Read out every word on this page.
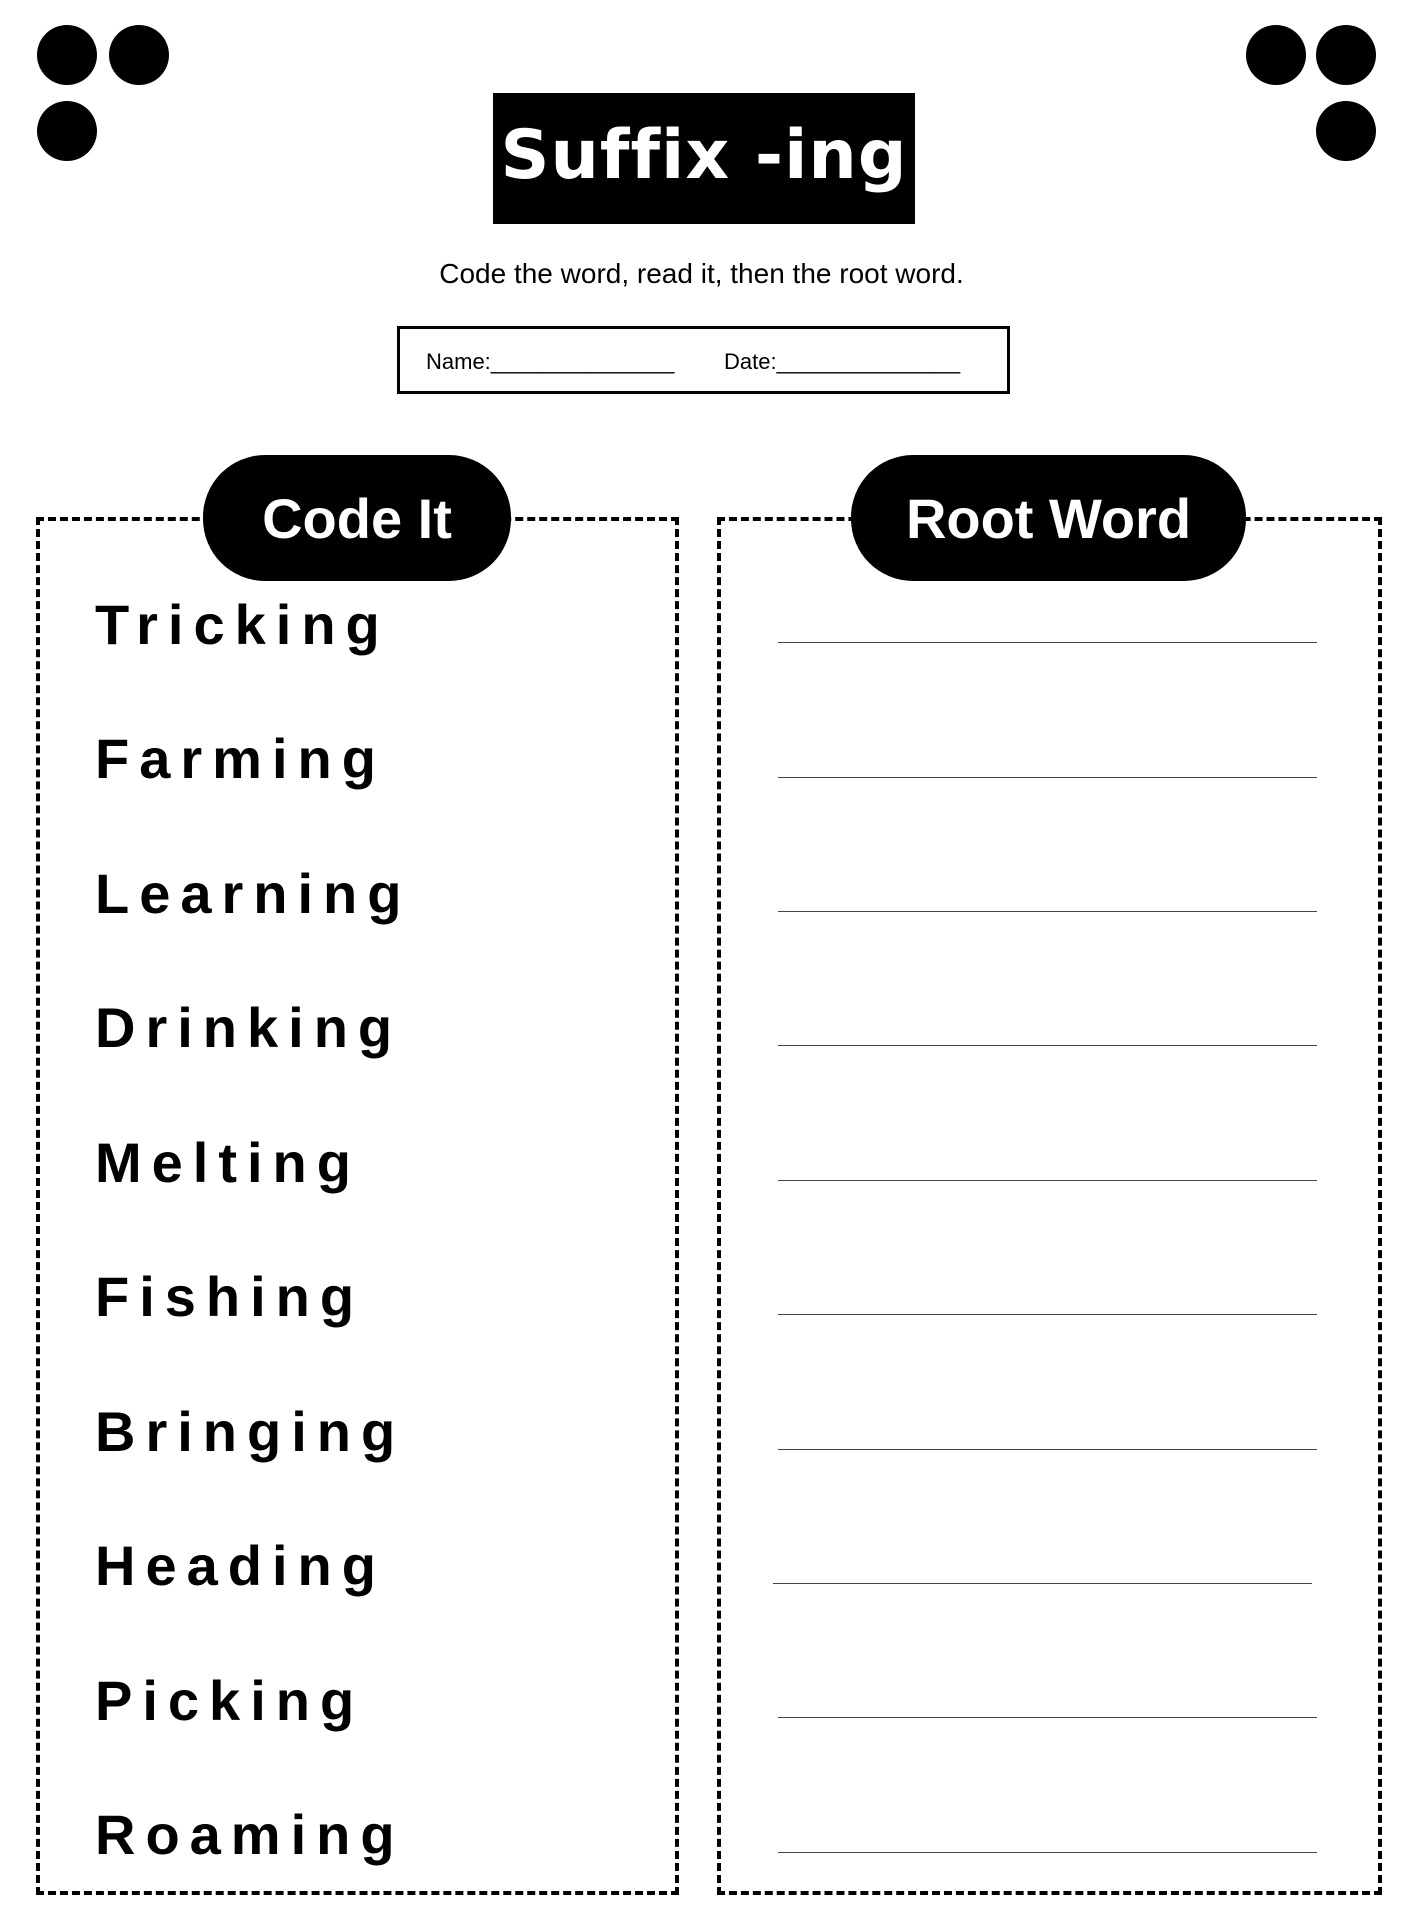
Suffix -ing
Code the word, read it, then the root word.
Name:_______________ Date:_______________
Code It	Root Word
Tricking
Farming
Learning
Drinking
Melting
Fishing
Bringing
Heading
Picking
Roaming
